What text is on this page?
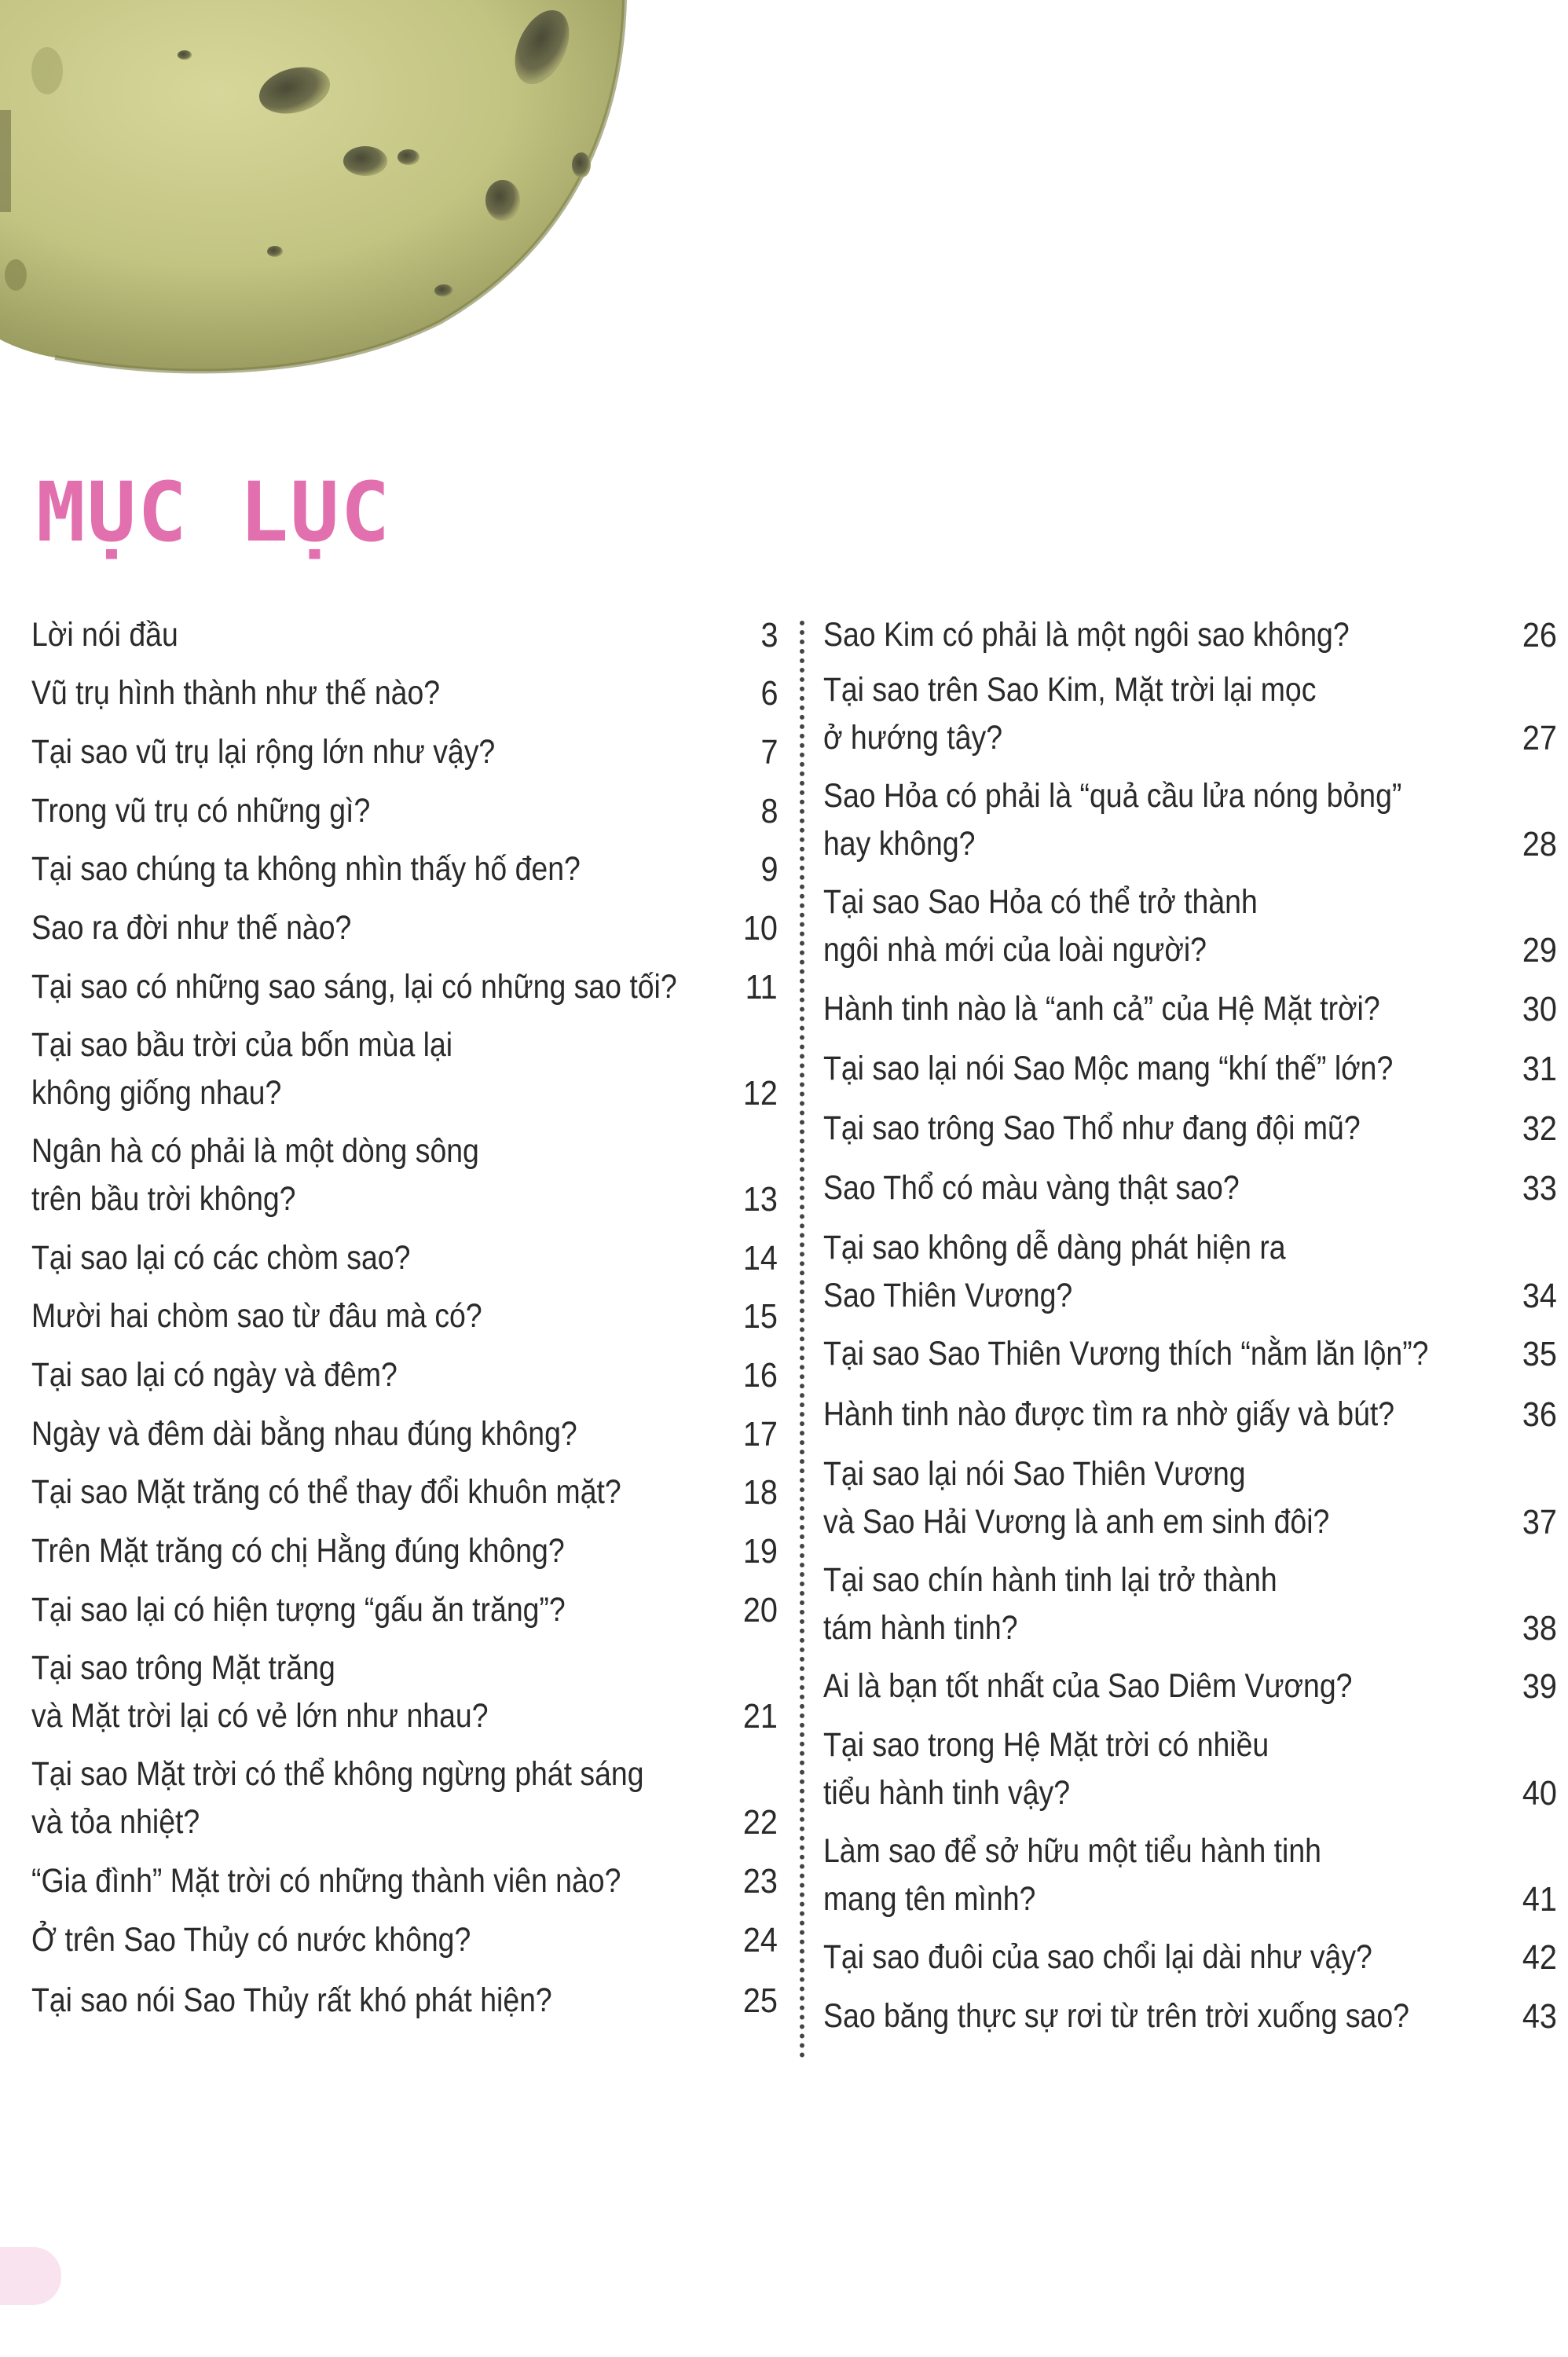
MỤC LỤC
Lời nói đầu	3
Vũ trụ hình thành như thế nào?	6
Tại sao vũ trụ lại rộng lớn như vậy?	7
Trong vũ trụ có những gì?	8
Tại sao chúng ta không nhìn thấy hố đen?	9
Sao ra đời như thế nào?	10
Tại sao có những sao sáng, lại có những sao tối? 11
Tại sao bầu trời của bốn mùa lại
không giống nhau?	12
Ngân hà có phải là một dòng sông
trên bầu trời không?	13
Tại sao lại có các chòm sao?	14
Mười hai chòm sao từ đâu mà có?	15
Tại sao lại có ngày và đêm?	16
Ngày và đêm dài bằng nhau đúng không?	17
Tại sao Mặt trăng có thể thay đổi khuôn mặt?	18
Trên Mặt trăng có chị Hằng đúng không?	19
Tại sao lại có hiện tượng “gấu ăn trăng”?	20
Tại sao trông Mặt trăng
và Mặt trời lại có vẻ lớn như nhau?	21
Tại sao Mặt trời có thể không ngừng phát sáng
và tỏa nhiệt?	22
“Gia đình” Mặt trời có những thành viên nào?	23
Ở trên Sao Thủy có nước không?	24
Tại sao nói Sao Thủy rất khó phát hiện?	25
Sao Kim có phải là một ngôi sao không?	26
Tại sao trên Sao Kim, Mặt trời lại mọc
ở hướng tây?	27
Sao Hỏa có phải là “quả cầu lửa nóng bỏng”
hay không?	28
Tại sao Sao Hỏa có thể trở thành
ngôi nhà mới của loài người?	29
Hành tinh nào là “anh cả” của Hệ Mặt trời?	30
Tại sao lại nói Sao Mộc mang “khí thế” lớn?	31
Tại sao trông Sao Thổ như đang đội mũ?	32
Sao Thổ có màu vàng thật sao?	33
Tại sao không dễ dàng phát hiện ra
Sao Thiên Vương?	34
Tại sao Sao Thiên Vương thích “nằm lăn lộn”?	35
Hành tinh nào được tìm ra nhờ giấy và bút?	36
Tại sao lại nói Sao Thiên Vương
và Sao Hải Vương là anh em sinh đôi?	37
Tại sao chín hành tinh lại trở thành
tám hành tinh?	38
Ai là bạn tốt nhất của Sao Diêm Vương?	39
Tại sao trong Hệ Mặt trời có nhiều
tiểu hành tinh vậy?	40
Làm sao để sở hữu một tiểu hành tinh
mang tên mình?	41
Tại sao đuôi của sao chổi lại dài như vậy?	42
Sao băng thực sự rơi từ trên trời xuống sao?	43
